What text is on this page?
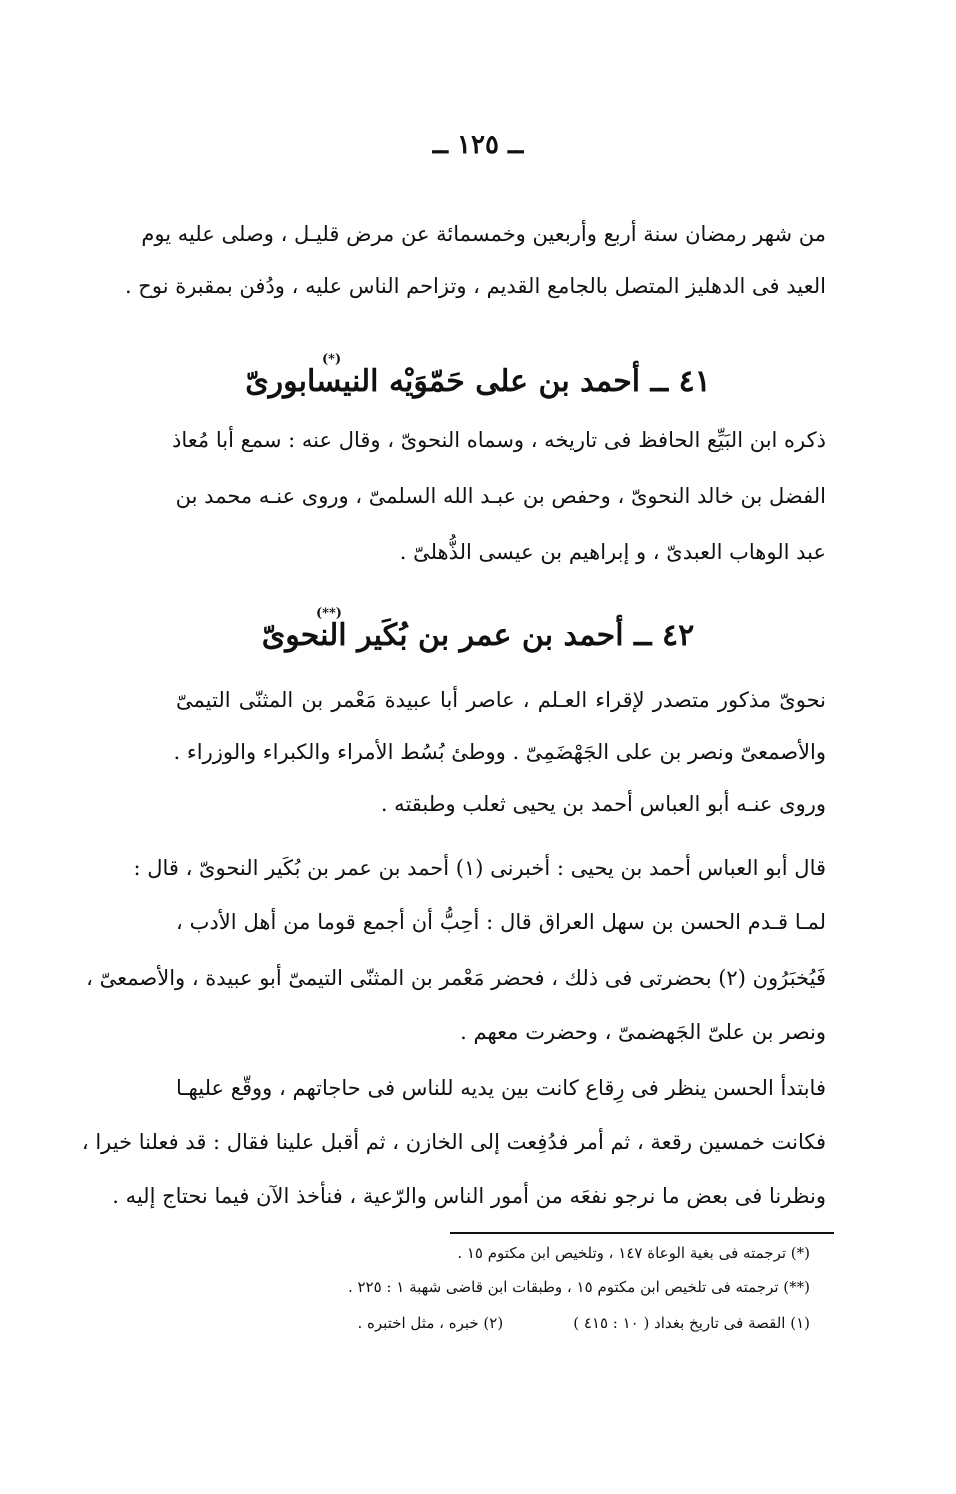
ــ ١٢٥ ــ
من شهر رمضان سنة أربع وأربعين وخمسمائة عن مرض قليـل ، وصلى عليه يوم
العيد فى الدهليز المتصل بالجامع القديم ، وتزاحم الناس عليه ، ودُفن بمقبرة نوح .
٤١ ــ أحمد بن على حَمّوَيْه النيسابورىّ
(*)
ذكره ابن البَيِّع الحافظ فى تاريخه ، وسماه النحوىّ ، وقال عنه : سمع أبا مُعاذ
الفضل بن خالد النحوىّ ، وحفص بن عبـد الله السلمىّ ، وروى عنـه محمد بن
عبد الوهاب العبدىّ ، و إبراهيم بن عيسى الذُّهلىّ .
٤٢ ــ أحمد بن عمر بن بُكَير النحوىّ
(**)
نحوىّ مذكور متصدر لإقراء العـلم ، عاصر أبا عبيدة مَعْمر بن المثنّى التيمىّ
والأصمعىّ ونصر بن على الجَهْضَمِىّ . ووطئ بُسُط الأمراء والكبراء والوزراء .
وروى عنـه أبو العباس أحمد بن يحيى ثعلب وطبقته .
قال أبو العباس أحمد بن يحيى : أخبرنى (١) أحمد بن عمر بن بُكَير النحوىّ ، قال :
لمـا قـدم الحسن بن سهل العراق قال : أحِبُّ أن أجمع قوما من أهل الأدب ،
فَيُخبَرُون (٢) بحضرتى فى ذلك ، فحضر مَعْمر بن المثنّى التيمىّ أبو عبيدة ، والأصمعىّ ،
ونصر بن علىّ الجَهضمىّ ، وحضرت معهم .
فابتدأ الحسن ينظر فى رِقاع كانت بين يديه للناس فى حاجاتهم ، ووقّع عليهـا
فكانت خمسين رقعة ، ثم أمر فدُفِعت إلى الخازن ، ثم أقبل علينا فقال : قد فعلنا خيرا ،
ونظرنا فى بعض ما نرجو نفعَه من أمور الناس والرّعية ، فنأخذ الآن فيما نحتاج إليه .
(*) ترجمته فى بغية الوعاة ١٤٧ ، وتلخيص ابن مكتوم ١٥ .
(**) ترجمته فى تلخيص ابن مكتوم ١٥ ، وطبقات ابن قاضى شهبة ١ : ٢٢٥ .
(١) القصة فى تاريخ بغداد ( ١٠ : ٤١٥ )(٢) خبره ، مثل اختبره .
